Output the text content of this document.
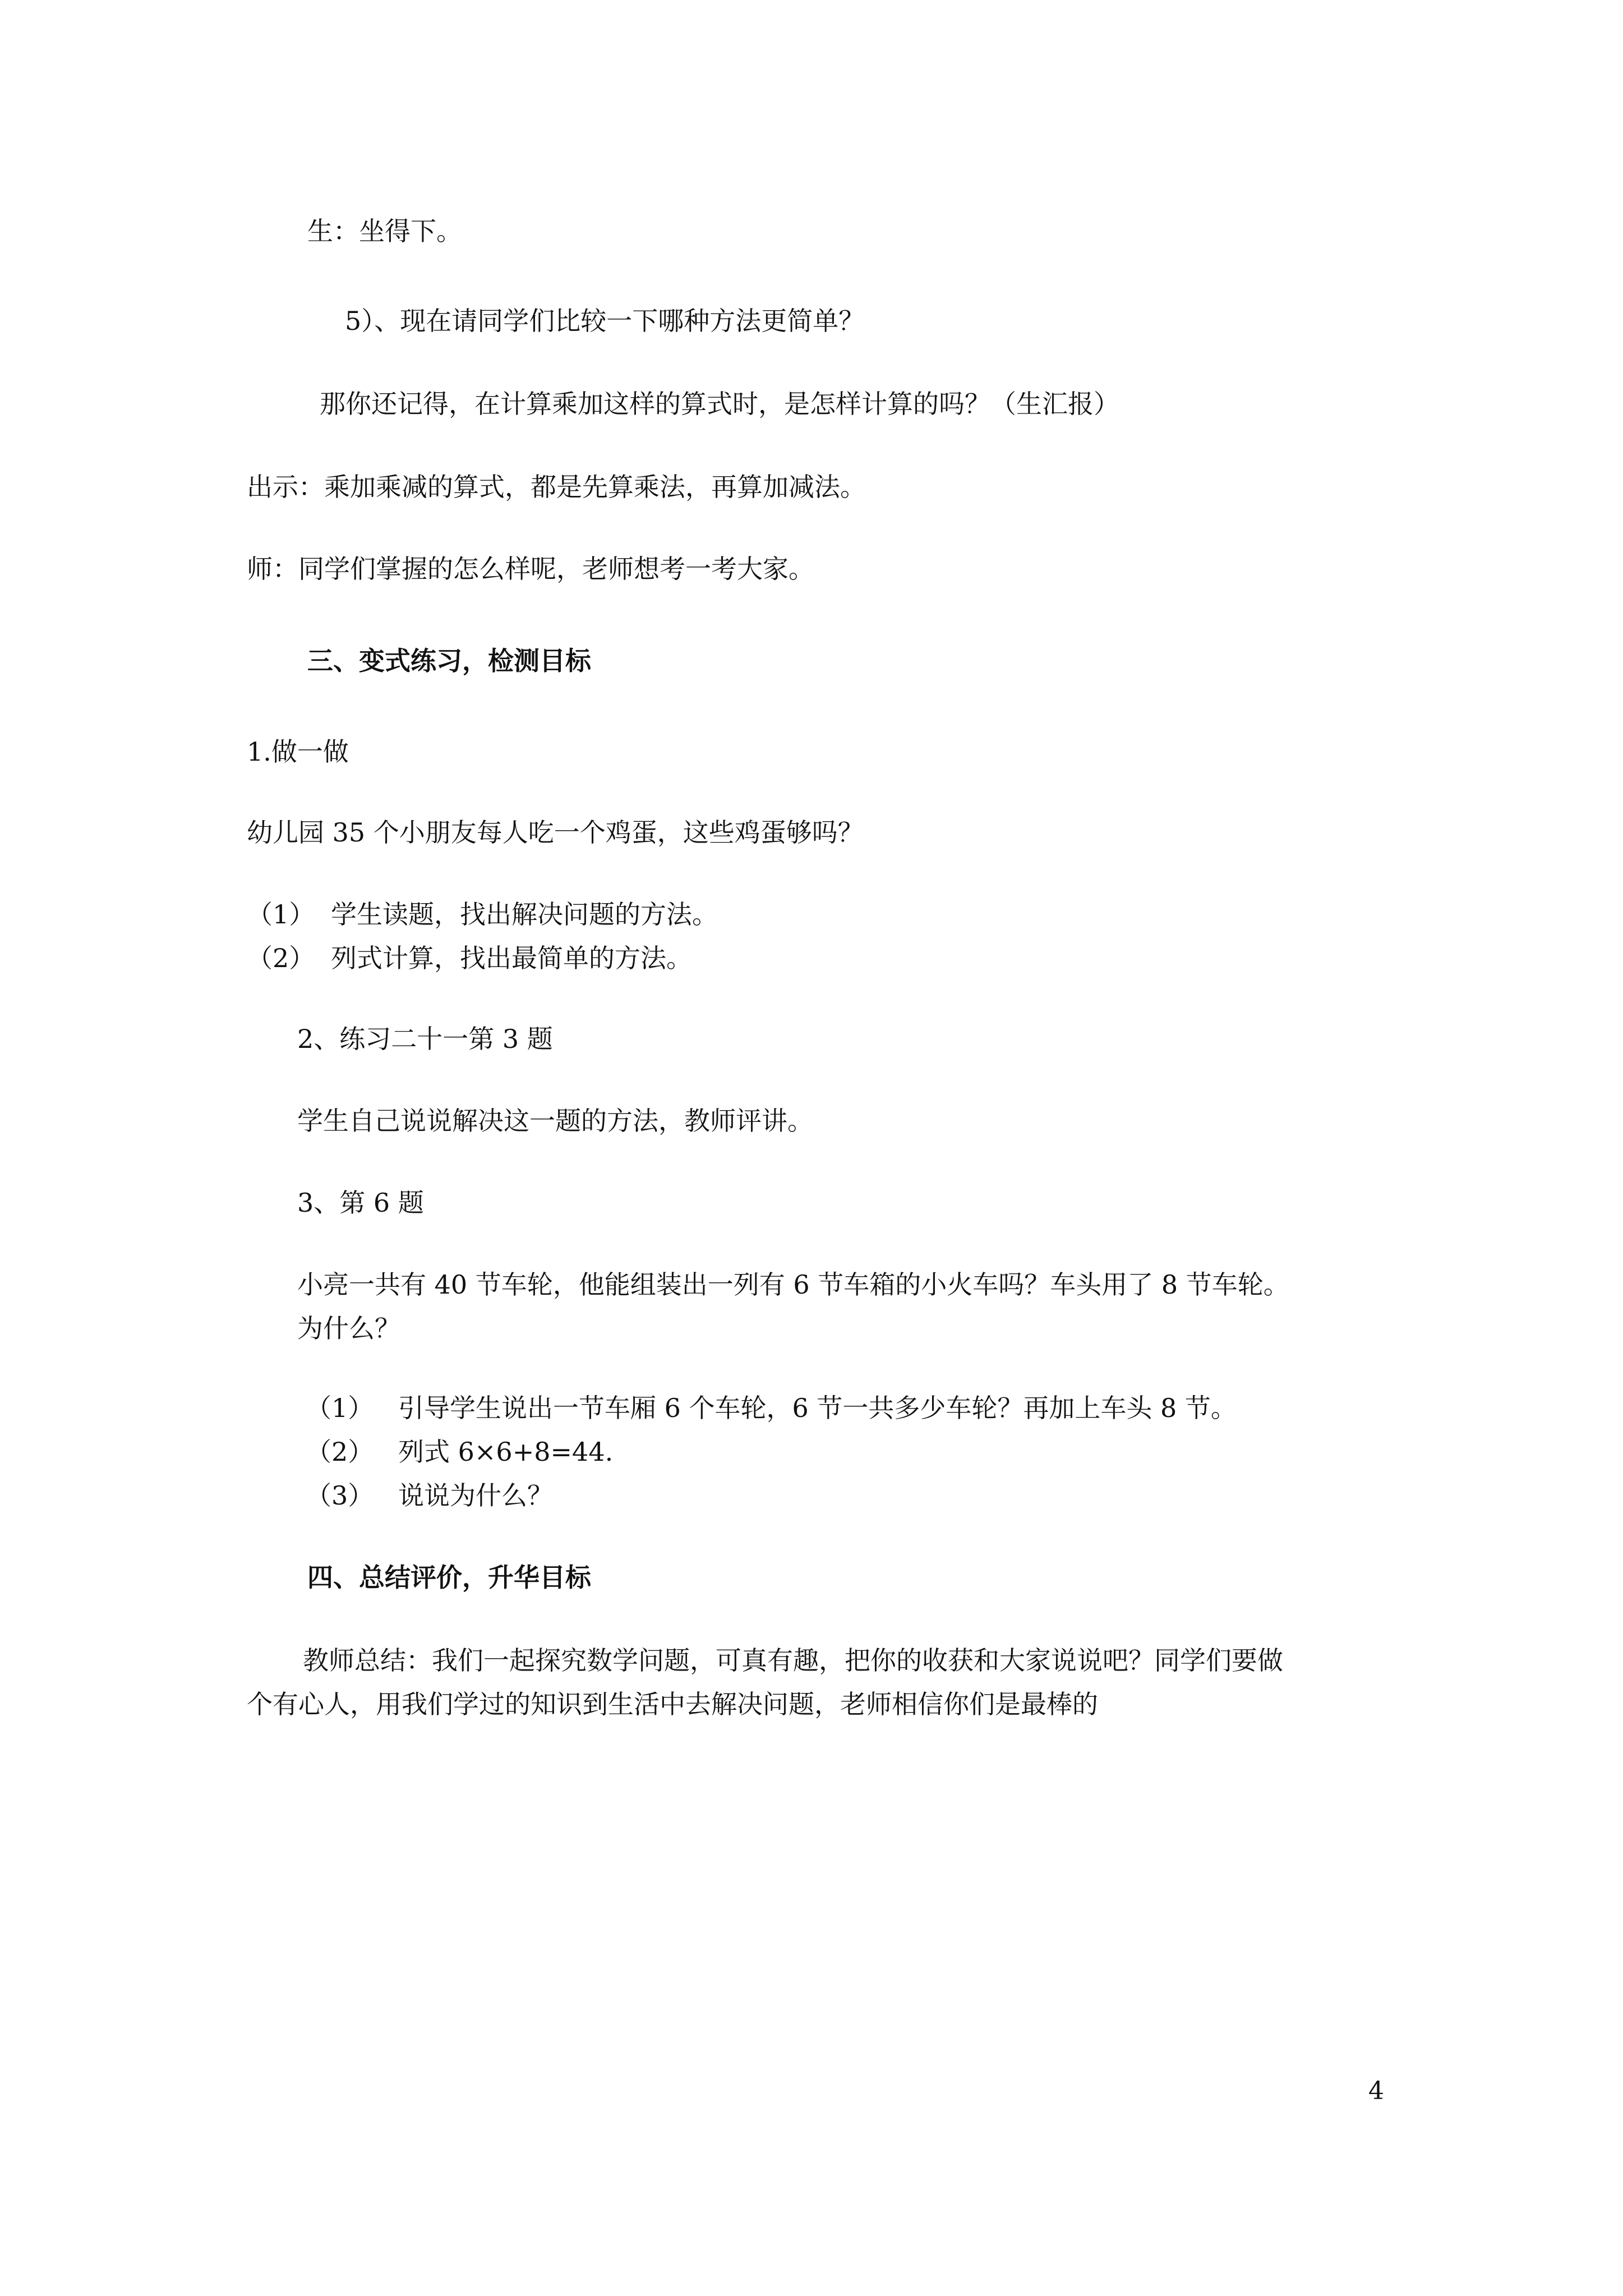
生：坐得下。
5）、现在请同学们比较一下哪种方法更简单？
那你还记得，在计算乘加这样的算式时，是怎样计算的吗？（生汇报）
出示：乘加乘减的算式，都是先算乘法，再算加减法。
师：同学们掌握的怎么样呢，老师想考一考大家。
三、变式练习，检测目标
1.做一做
幼儿园 35 个小朋友每人吃一个鸡蛋，这些鸡蛋够吗？
（1） 学生读题，找出解决问题的方法。
（2） 列式计算，找出最简单的方法。
2、练习二十一第 3 题
学生自己说说解决这一题的方法，教师评讲。
3、第 6 题
小亮一共有 40 节车轮，他能组装出一列有 6 节车箱的小火车吗？车头用了 8 节车轮。
为什么？
（1） 引导学生说出一节车厢 6 个车轮，6 节一共多少车轮？再加上车头 8 节。
（2） 列式 6×6+8=44.
（3） 说说为什么？
四、总结评价，升华目标
教师总结：我们一起探究数学问题，可真有趣，把你的收获和大家说说吧？同学们要做
个有心人，用我们学过的知识到生活中去解决问题，老师相信你们是最棒的
4
